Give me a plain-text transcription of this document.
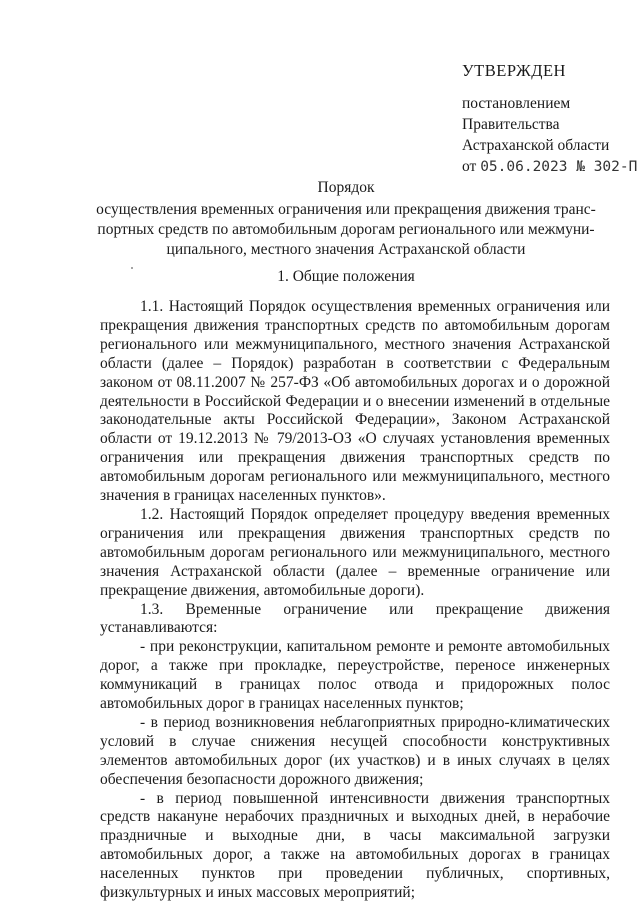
УТВЕРЖДЕН
постановлением
Правительства
Астраханской области
от 05.06.2023 № 302-П
Порядок
осуществления временных ограничения или прекращения движения транс-
портных средств по автомобильным дорогам регионального или межмуни-
ципального, местного значения Астраханской области
1. Общие положения

1.1. Настоящий Порядок осуществления временных ограничения или прекращения движения транспортных средств по автомобильным дорогам регионального или межмуниципального, местного значения Астраханской области (далее – Порядок) разработан в соответствии с Федеральным законом от 08.11.2007 № 257-ФЗ «Об автомобильных дорогах и о дорожной деятельности в Российской Федерации и о внесении изменений в отдельные законодательные акты Российской Федерации», Законом Астраханской области от 19.12.2013 № 79/2013-ОЗ «О случаях установления временных ограничения или прекращения движения транспортных средств по автомобильным дорогам регионального или межмуниципального, местного значения в границах населенных пунктов».

1.2. Настоящий Порядок определяет процедуру введения временных ограничения или прекращения движения транспортных средств по автомобильным дорогам регионального или межмуниципального, местного значения Астраханской области (далее – временные ограничение или прекращение движения, автомобильные дороги).

1.3. Временные ограничение или прекращение движения устанавливаются:

- при реконструкции, капитальном ремонте и ремонте автомобильных дорог, а также при прокладке, переустройстве, переносе инженерных коммуникаций в границах полос отвода и придорожных полос автомобильных дорог в границах населенных пунктов;

- в период возникновения неблагоприятных природно-климатических условий в случае снижения несущей способности конструктивных элементов автомобильных дорог (их участков) и в иных случаях в целях обеспечения безопасности дорожного движения;

- в период повышенной интенсивности движения транспортных средств накануне нерабочих праздничных и выходных дней, в нерабочие праздничные и выходные дни, в часы максимальной загрузки автомобильных дорог, а также на автомобильных дорогах в границах населенных пунктов при проведении публичных, спортивных, физкультурных и иных массовых мероприятий;
